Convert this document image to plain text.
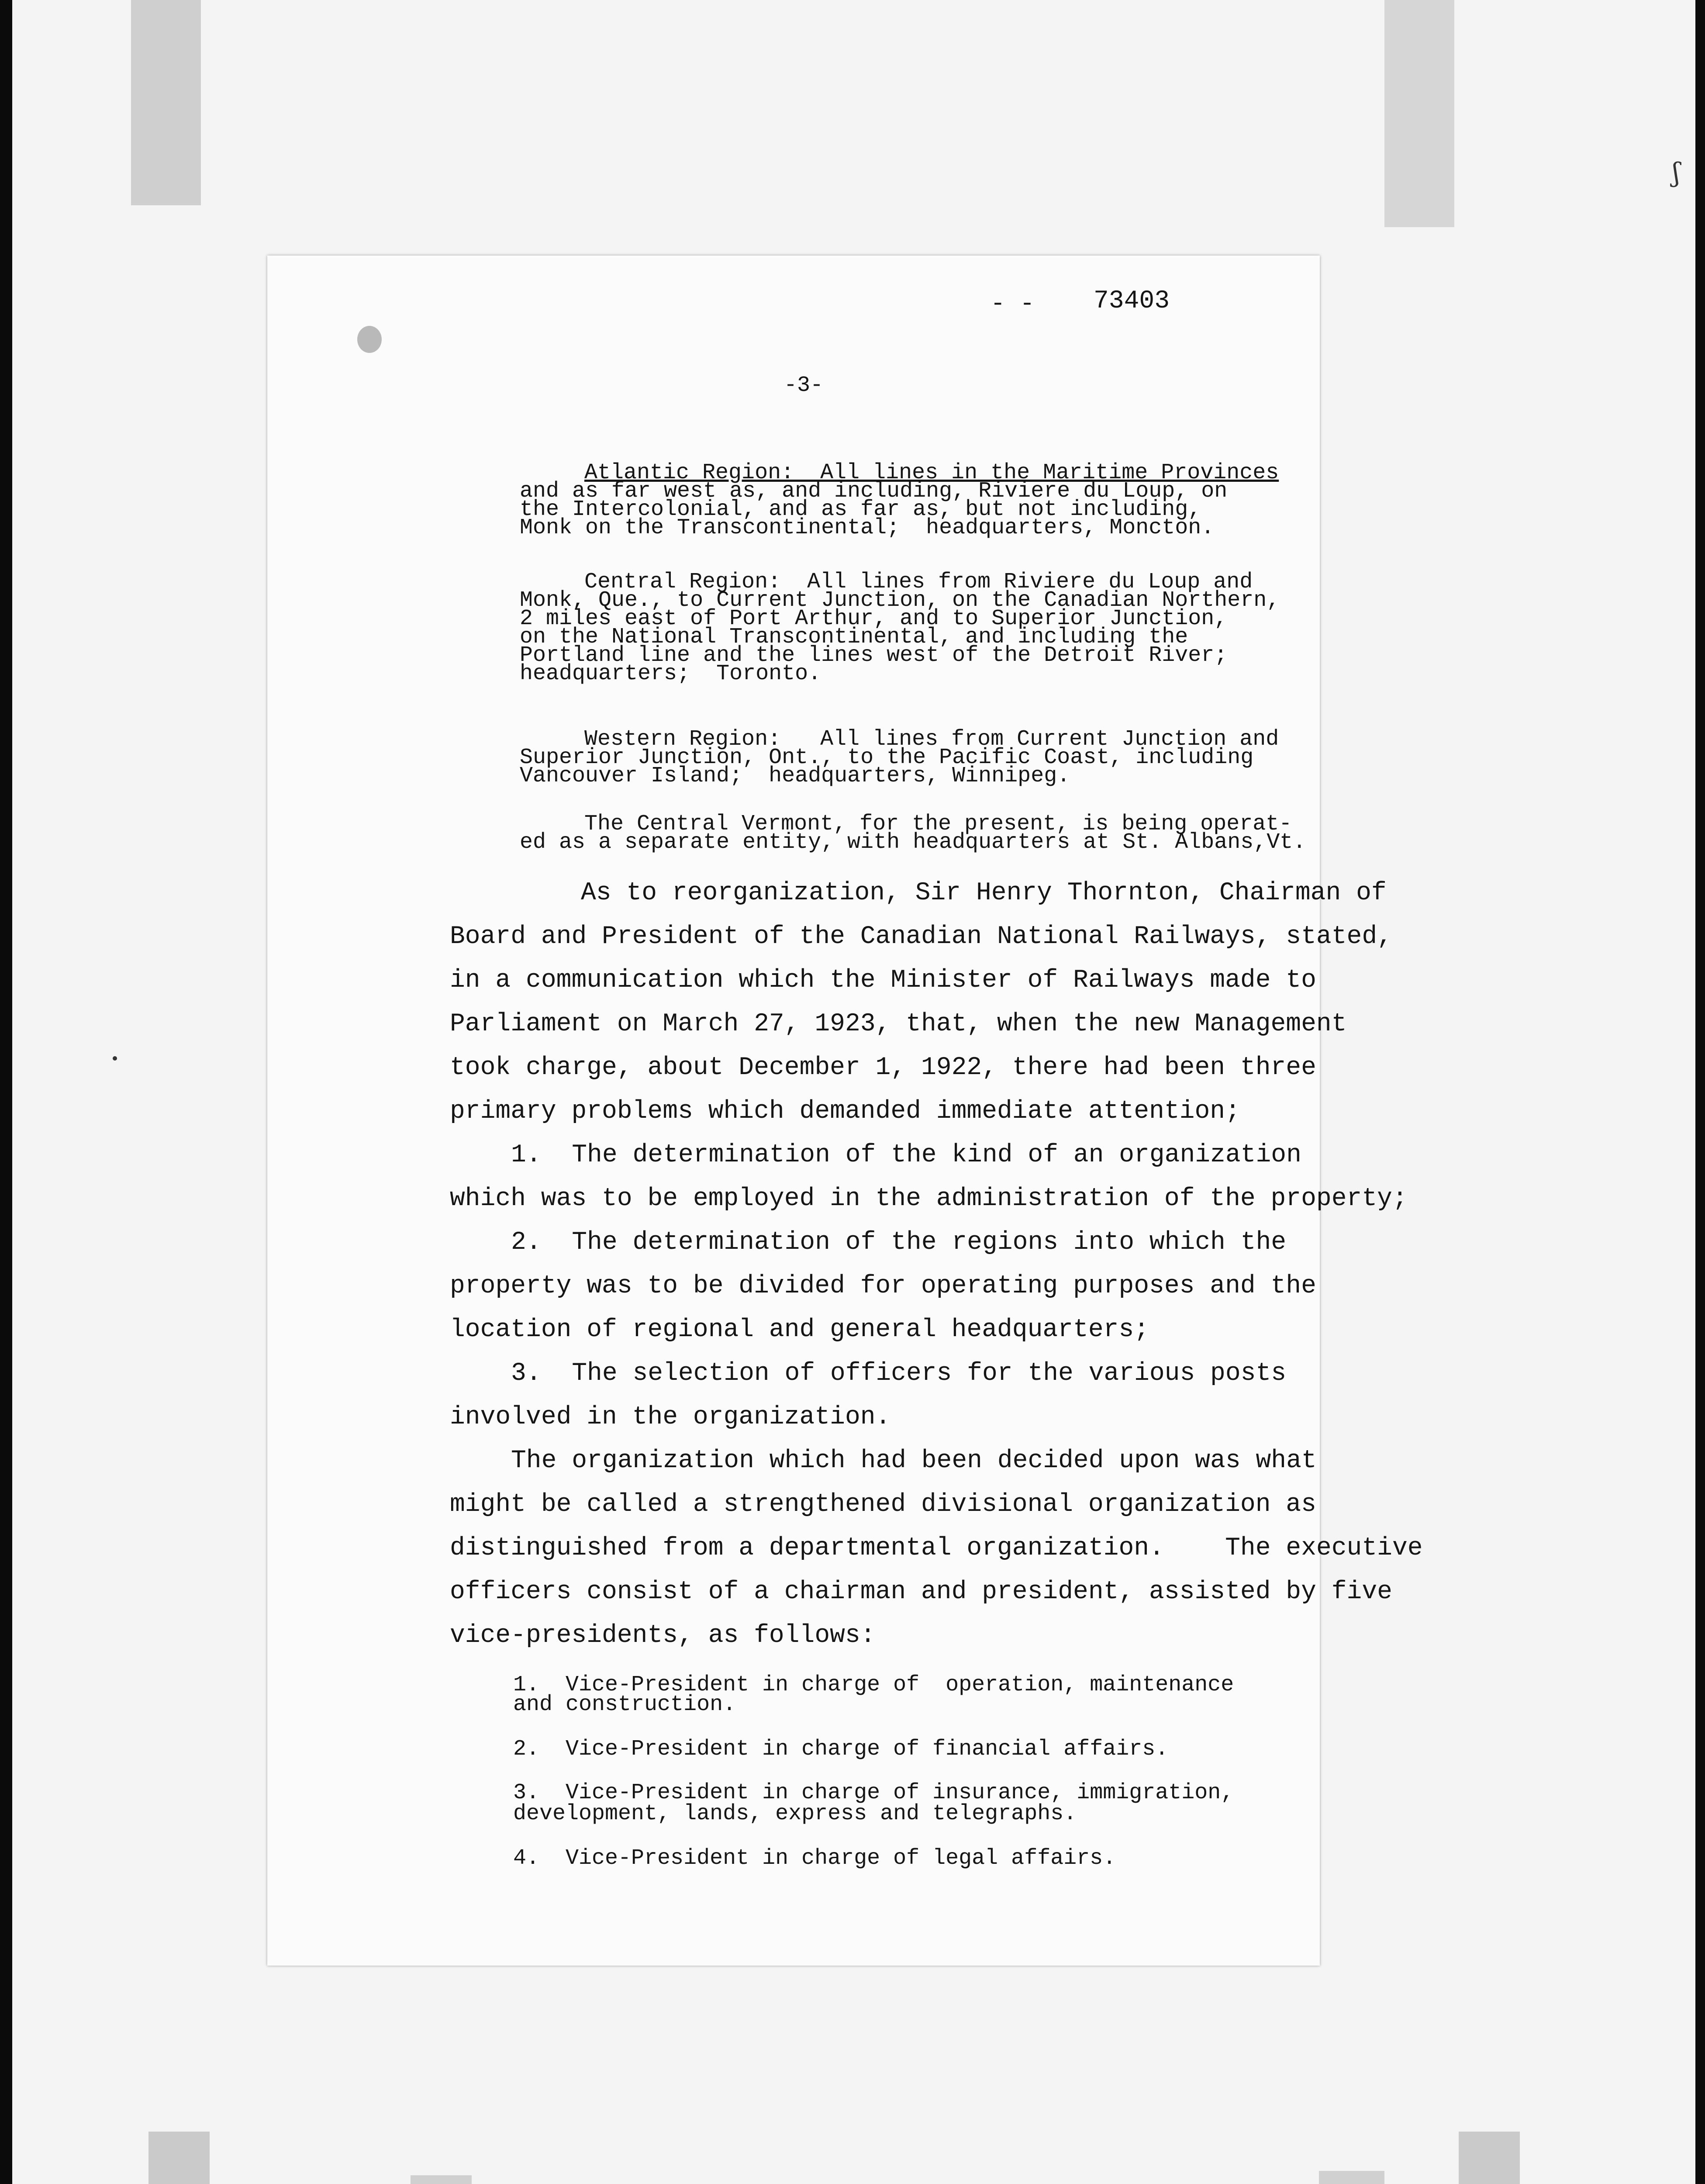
ʃ

- - 73403

-3-

Atlantic Region:  All lines in the Maritime Provinces

and as far west as, and including, Riviere du Loup, on

the Intercolonial, and as far as, but not including,

Monk on the Transcontinental;  headquarters, Moncton.

Central Region:  All lines from Riviere du Loup and

Monk, Que., to Current Junction, on the Canadian Northern,

2 miles east of Port Arthur, and to Superior Junction,

on the National Transcontinental, and including the

Portland line and the lines west of the Detroit River;

headquarters;  Toronto.

Western Region:   All lines from Current Junction and

Superior Junction, Ont., to the Pacific Coast, including

Vancouver Island;  headquarters, Winnipeg.

The Central Vermont, for the present, is being operat-

ed as a separate entity, with headquarters at St. Albans,Vt.

As to reorganization, Sir Henry Thornton, Chairman of

Board and President of the Canadian National Railways, stated,

in a communication which the Minister of Railways made to

Parliament on March 27, 1923, that, when the new Management

took charge, about December 1, 1922, there had been three

primary problems which demanded immediate attention;

1.  The determination of the kind of an organization

which was to be employed in the administration of the property;

2.  The determination of the regions into which the

property was to be divided for operating purposes and the

location of regional and general headquarters;

3.  The selection of officers for the various posts

involved in the organization.

The organization which had been decided upon was what

might be called a strengthened divisional organization as

distinguished from a departmental organization.    The executive

officers consist of a chairman and president, assisted by five

vice-presidents, as follows:

1.  Vice-President in charge of  operation, maintenance

and construction.

2.  Vice-President in charge of financial affairs.

3.  Vice-President in charge of insurance, immigration,

development, lands, express and telegraphs.

4.  Vice-President in charge of legal affairs.
